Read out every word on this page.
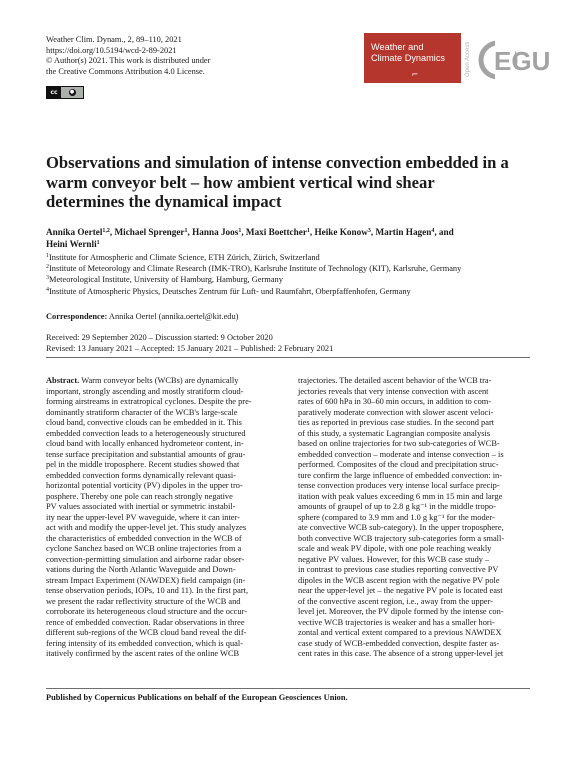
Weather Clim. Dynam., 2, 89–110, 2021
https://doi.org/10.5194/wcd-2-89-2021
© Author(s) 2021. This work is distributed under
the Creative Commons Attribution 4.0 License.
cc ●
Weather and
Climate Dynamics
⌐	Open Access EGU
Observations and simulation of intense convection embedded in a
warm conveyor belt – how ambient vertical wind shear
determines the dynamical impact
Annika Oertel$^{1,2}$, Michael Sprenger$^1$, Hanna Joos$^1$, Maxi Boettcher$^1$, Heike Konow$^3$, Martin Hagen$^4$, and
Heini Wernli$^1$
$^1$Institute for Atmospheric and Climate Science, ETH Zürich, Zürich, Switzerland
$^2$Institute of Meteorology and Climate Research (IMK-TRO), Karlsruhe Institute of Technology (KIT), Karlsruhe, Germany
$^3$Meteorological Institute, University of Hamburg, Hamburg, Germany
$^4$Institute of Atmospheric Physics, Deutsches Zentrum für Luft- und Raumfahrt, Oberpfaffenhofen, Germany
Correspondence: Annika Oertel (annika.oertel@kit.edu)
Received: 29 September 2020 – Discussion started: 9 October 2020
Revised: 13 January 2021 – Accepted: 15 January 2021 – Published: 2 February 2021
Abstract. Warm conveyor belts (WCBs) are dynamically
important, strongly ascending and mostly stratiform cloud-
forming airstreams in extratropical cyclones. Despite the pre-
dominantly stratiform character of the WCB's large-scale
cloud band, convective clouds can be embedded in it. This
embedded convection leads to a heterogeneously structured
cloud band with locally enhanced hydrometeor content, in-
tense surface precipitation and substantial amounts of grau-
pel in the middle troposphere. Recent studies showed that
embedded convection forms dynamically relevant quasi-
horizontal potential vorticity (PV) dipoles in the upper tro-
posphere. Thereby one pole can reach strongly negative
PV values associated with inertial or symmetric instabil-
ity near the upper-level PV waveguide, where it can inter-
act with and modify the upper-level jet. This study analyzes
the characteristics of embedded convection in the WCB of
cyclone Sanchez based on WCB online trajectories from a
convection-permitting simulation and airborne radar obser-
vations during the North Atlantic Waveguide and Down-
stream Impact Experiment (NAWDEX) field campaign (in-
tense observation periods, IOPs, 10 and 11). In the first part,
we present the radar reflectivity structure of the WCB and
corroborate its heterogeneous cloud structure and the occur-
rence of embedded convection. Radar observations in three
different sub-regions of the WCB cloud band reveal the dif-
fering intensity of its embedded convection, which is qual-
itatively confirmed by the ascent rates of the online WCB
trajectories. The detailed ascent behavior of the WCB tra-
jectories reveals that very intense convection with ascent
rates of 600 hPa in 30–60 min occurs, in addition to com-
paratively moderate convection with slower ascent veloci-
ties as reported in previous case studies. In the second part
of this study, a systematic Lagrangian composite analysis
based on online trajectories for two sub-categories of WCB-
embedded convection – moderate and intense convection – is
performed. Composites of the cloud and precipitation struc-
ture confirm the large influence of embedded convection: in-
tense convection produces very intense local surface precip-
itation with peak values exceeding 6 mm in 15 min and large
amounts of graupel of up to 2.8 g kg⁻¹ in the middle tropo-
sphere (compared to 3.9 mm and 1.0 g kg⁻¹ for the moder-
ate convective WCB sub-category). In the upper troposphere,
both convective WCB trajectory sub-categories form a small-
scale and weak PV dipole, with one pole reaching weakly
negative PV values. However, for this WCB case study –
in contrast to previous case studies reporting convective PV
dipoles in the WCB ascent region with the negative PV pole
near the upper-level jet – the negative PV pole is located east
of the convective ascent region, i.e., away from the upper-
level jet. Moreover, the PV dipole formed by the intense con-
vective WCB trajectories is weaker and has a smaller hori-
zontal and vertical extent compared to a previous NAWDEX
case study of WCB-embedded convection, despite faster as-
cent rates in this case. The absence of a strong upper-level jet
Published by Copernicus Publications on behalf of the European Geosciences Union.
